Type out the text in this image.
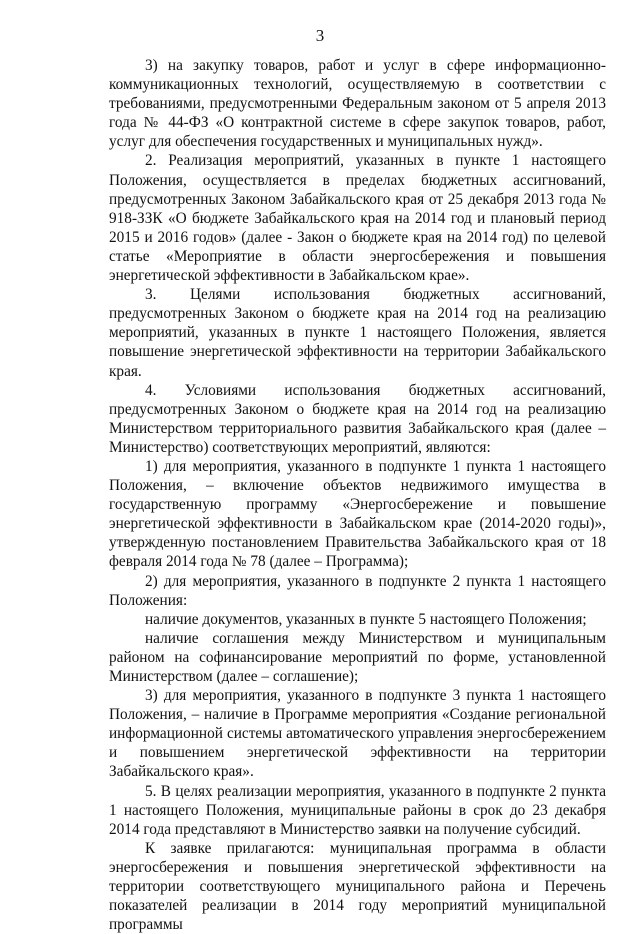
3

3) на закупку товаров, работ и услуг в сфере информационно-коммуникационных технологий, осуществляемую в соответствии с требованиями, предусмотренными Федеральным законом от 5 апреля 2013 года № 44-ФЗ «О контрактной системе в сфере закупок товаров, работ, услуг для обеспечения государственных и муниципальных нужд».

2. Реализация мероприятий, указанных в пункте 1 настоящего Положения, осуществляется в пределах бюджетных ассигнований, предусмотренных Законом Забайкальского края от 25 декабря 2013 года № 918-ЗЗК «О бюджете Забайкальского края на 2014 год и плановый период 2015 и 2016 годов» (далее - Закон о бюджете края на 2014 год) по целевой статье «Мероприятие в области энергосбережения и повышения энергетической эффективности в Забайкальском крае».

3. Целями использования бюджетных ассигнований, предусмотренных Законом о бюджете края на 2014 год на реализацию мероприятий, указанных в пункте 1 настоящего Положения, является повышение энергетической эффективности на территории Забайкальского края.

4. Условиями использования бюджетных ассигнований, предусмотренных Законом о бюджете края на 2014 год на реализацию Министерством территориального развития Забайкальского края (далее – Министерство) соответствующих мероприятий, являются:

1) для мероприятия, указанного в подпункте 1 пункта 1 настоящего Положения, – включение объектов недвижимого имущества в государственную программу «Энергосбережение и повышение энергетической эффективности в Забайкальском крае (2014-2020 годы)», утвержденную постановлением Правительства Забайкальского края от 18 февраля 2014 года № 78 (далее – Программа);

2) для мероприятия, указанного в подпункте 2 пункта 1 настоящего Положения:

наличие документов, указанных в пункте 5 настоящего Положения;

наличие соглашения между Министерством и муниципальным районом на софинансирование мероприятий по форме, установленной Министерством (далее – соглашение);

3) для мероприятия, указанного в подпункте 3 пункта 1 настоящего Положения, – наличие в Программе мероприятия «Создание региональной информационной системы автоматического управления энергосбережением и повышением энергетической эффективности на территории Забайкальского края».

5. В целях реализации мероприятия, указанного в подпункте 2 пункта 1 настоящего Положения, муниципальные районы в срок до 23 декабря 2014 года представляют в Министерство заявки на получение субсидий.

К заявке прилагаются: муниципальная программа в области энергосбережения и повышения энергетической эффективности на территории соответствующего муниципального района и Перечень показателей реализации в 2014 году мероприятий муниципальной программы
